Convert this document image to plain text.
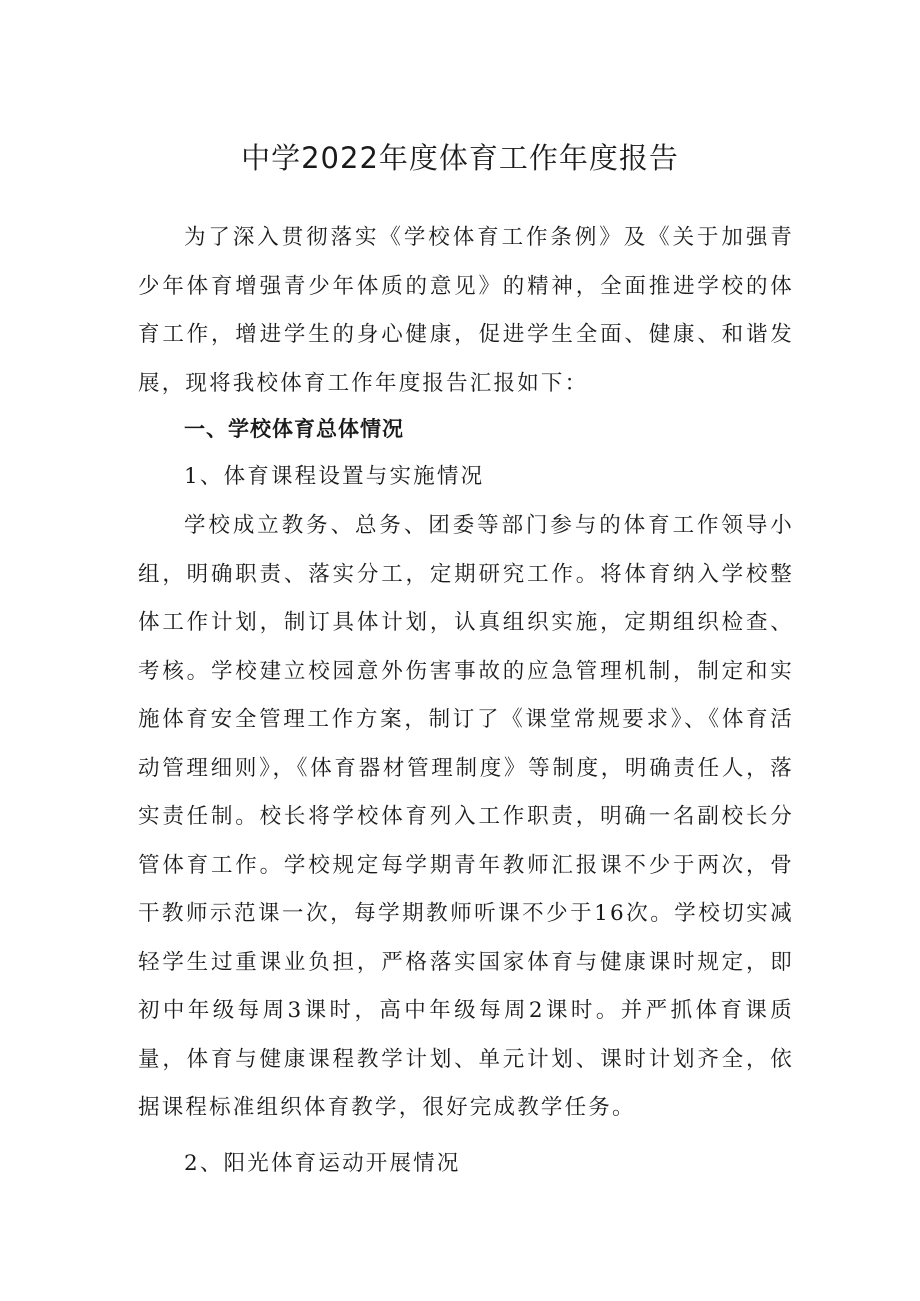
中学2022年度体育工作年度报告

为了深入贯彻落实《学校体育工作条例》及《关于加强青少年体育增强青少年体质的意见》的精神，全面推进学校的体育工作，增进学生的身心健康，促进学生全面、健康、和谐发展，现将我校体育工作年度报告汇报如下：

一、学校体育总体情况

1、体育课程设置与实施情况

学校成立教务、总务、团委等部门参与的体育工作领导小组，明确职责、落实分工，定期研究工作。将体育纳入学校整体工作计划，制订具体计划，认真组织实施，定期组织检查、考核。学校建立校园意外伤害事故的应急管理机制，制定和实施体育安全管理工作方案，制订了《课堂常规要求》、《体育活动管理细则》，《体育器材管理制度》等制度，明确责任人，落实责任制。校长将学校体育列入工作职责，明确一名副校长分管体育工作。学校规定每学期青年教师汇报课不少于两次，骨干教师示范课一次，每学期教师听课不少于16次。学校切实减轻学生过重课业负担，严格落实国家体育与健康课时规定，即初中年级每周3课时，高中年级每周2课时。并严抓体育课质量，体育与健康课程教学计划、单元计划、课时计划齐全，依据课程标准组织体育教学，很好完成教学任务。

2、阳光体育运动开展情况
